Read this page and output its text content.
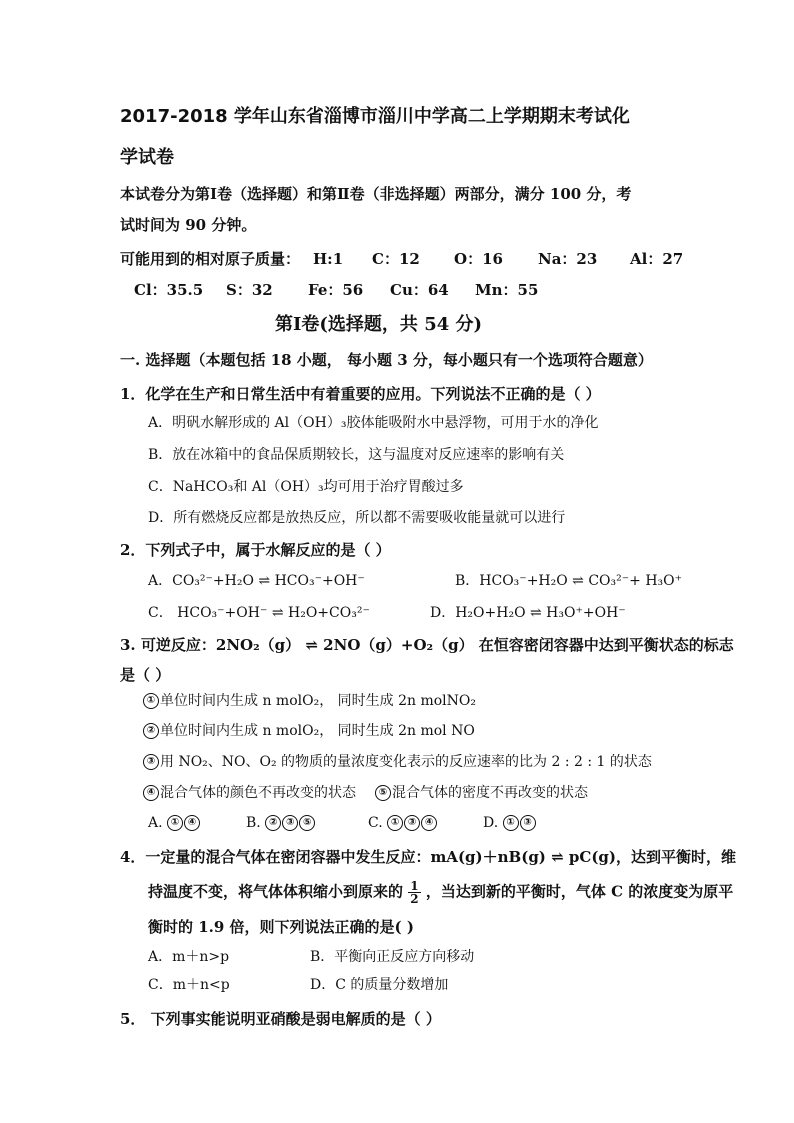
2017-2018 学年山东省淄博市淄川中学高二上学期期末考试化
学试卷
本试卷分为第Ⅰ卷（选择题）和第Ⅱ卷（非选择题）两部分，满分 100 分，考
试时间为 90 分钟。
可能用到的相对原子质量： H:1 C：12 O：16 Na：23 Al：27
Cl：35.5 S：32 Fe：56 Cu：64 Mn：55
第Ⅰ卷(选择题，共 54 分)
一. 选择题（本题包括 18 小题， 每小题 3 分，每小题只有一个选项符合题意）
1．化学在生产和日常生活中有着重要的应用。下列说法不正确的是（ ）
A．明矾水解形成的 Al（OH）₃胶体能吸附水中悬浮物，可用于水的净化
B．放在冰箱中的食品保质期较长，这与温度对反应速率的影响有关
C．NaHCO₃和 Al（OH）₃均可用于治疗胃酸过多
D．所有燃烧反应都是放热反应，所以都不需要吸收能量就可以进行
2．下列式子中，属于水解反应的是（ ）
A．CO₃²⁻+H₂O ⇌ HCO₃⁻+OH⁻	B．HCO₃⁻+H₂O ⇌ CO₃²⁻+ H₃O⁺
C． HCO₃⁻+OH⁻ ⇌ H₂O+CO₃²⁻	D．H₂O+H₂O ⇌ H₃O⁺+OH⁻
3. 可逆反应：2NO₂（g） ⇌ 2NO（g）+O₂（g） 在恒容密闭容器中达到平衡状态的标志
是（ ）
① 单位时间内生成 n molO₂， 同时生成 2n molNO₂
② 单位时间内生成 n molO₂， 同时生成 2n mol NO
③ 用 NO₂、NO、O₂ 的物质的量浓度变化表示的反应速率的比为 2 : 2 : 1 的状态
④ 混合气体的颜色不再改变的状态	⑤ 混合气体的密度不再改变的状态
A. ① ④	B. ② ③ ⑤	C. ① ③ ④	D. ① ③
4．一定量的混合气体在密闭容器中发生反应：mA(g)＋nB(g) ⇌ pC(g)，达到平衡时，维
持温度不变，将气体体积缩小到原来的 $\frac{1}{2}$ ，当达到新的平衡时，气体 C 的浓度变为原平
衡时的 1.9 倍，则下列说法正确的是( )
A．m＋n>p	B．平衡向正反应方向移动
C．m＋n<p	D．C 的质量分数增加
5． 下列事实能说明亚硝酸是弱电解质的是（ ）
